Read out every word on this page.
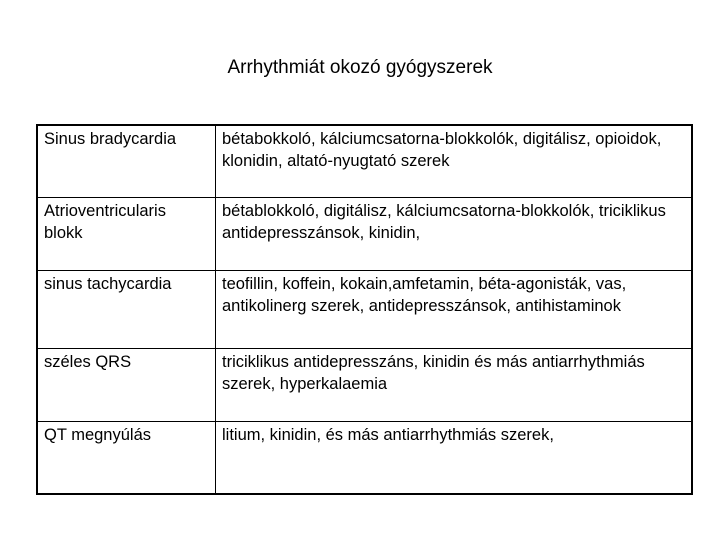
Arrhythmiát okozó gyógyszerek
Sinus bradycardia	bétabokkoló, kálciumcsatorna-blokkolók, digitálisz, opioidok, klonidin, altató-nyugtató szerek
Atrioventricularis blokk	bétablokkoló, digitálisz, kálciumcsatorna-blokkolók, triciklikus antidepresszánsok, kinidin,
sinus tachycardia	teofillin, koffein, kokain,amfetamin, béta-agonisták, vas, antikolinerg szerek, antidepresszánsok, antihistaminok
széles QRS	triciklikus antidepresszáns, kinidin és más antiarrhythmiás szerek, hyperkalaemia
QT megnyúlás	litium, kinidin, és más antiarrhythmiás szerek,
